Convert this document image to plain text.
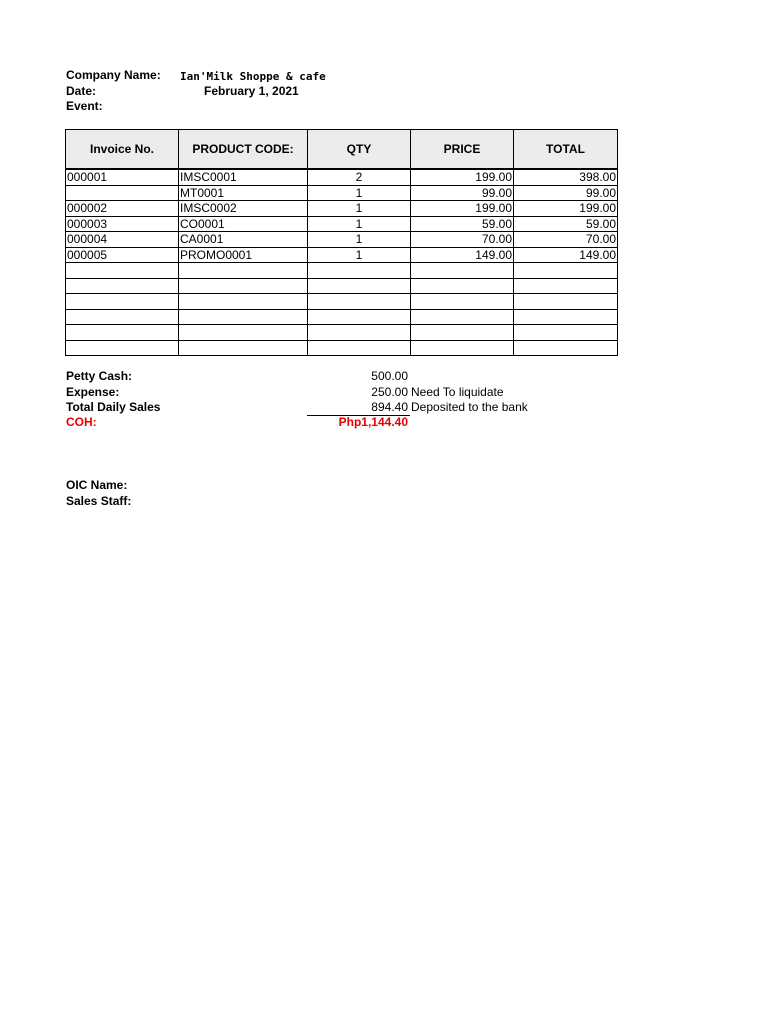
Company Name: Ian'Milk Shoppe & cafe
Date:	February 1, 2021
Event:
Invoice No.	PRODUCT CODE:	QTY	PRICE	TOTAL
000001	IMSC0001	2	199.00	398.00
	MT0001	1	99.00	99.00
000002	IMSC0002	1	199.00	199.00
000003	CO0001	1	59.00	59.00
000004	CA0001	1	70.00	70.00
000005	PROMO0001	1	149.00	149.00

Petty Cash:	500.00
Expense:	250.00 Need To liquidate
Total Daily Sales	894.40 Deposited to the bank
COH:	Php1,144.40
OIC Name:
Sales Staff:
